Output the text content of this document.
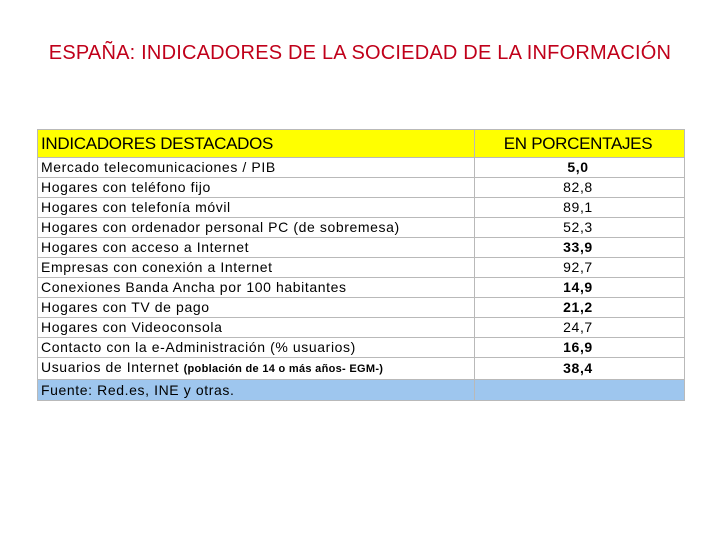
ESPAÑA: INDICADORES DE LA SOCIEDAD DE LA INFORMACIÓN
INDICADORES DESTACADOS	EN PORCENTAJES
Mercado telecomunicaciones / PIB	5,0
Hogares con teléfono fijo	82,8
Hogares con telefonía móvil	89,1
Hogares con ordenador personal PC (de sobremesa)	52,3
Hogares con acceso a Internet	33,9
Empresas con conexión a Internet	92,7
Conexiones Banda Ancha por 100 habitantes	14,9
Hogares con TV de pago	21,2
Hogares con Videoconsola	24,7
Contacto con la e-Administración (% usuarios)	16,9
Usuarios de Internet (población de 14 o más años- EGM-)	38,4
Fuente: Red.es, INE y otras.	
